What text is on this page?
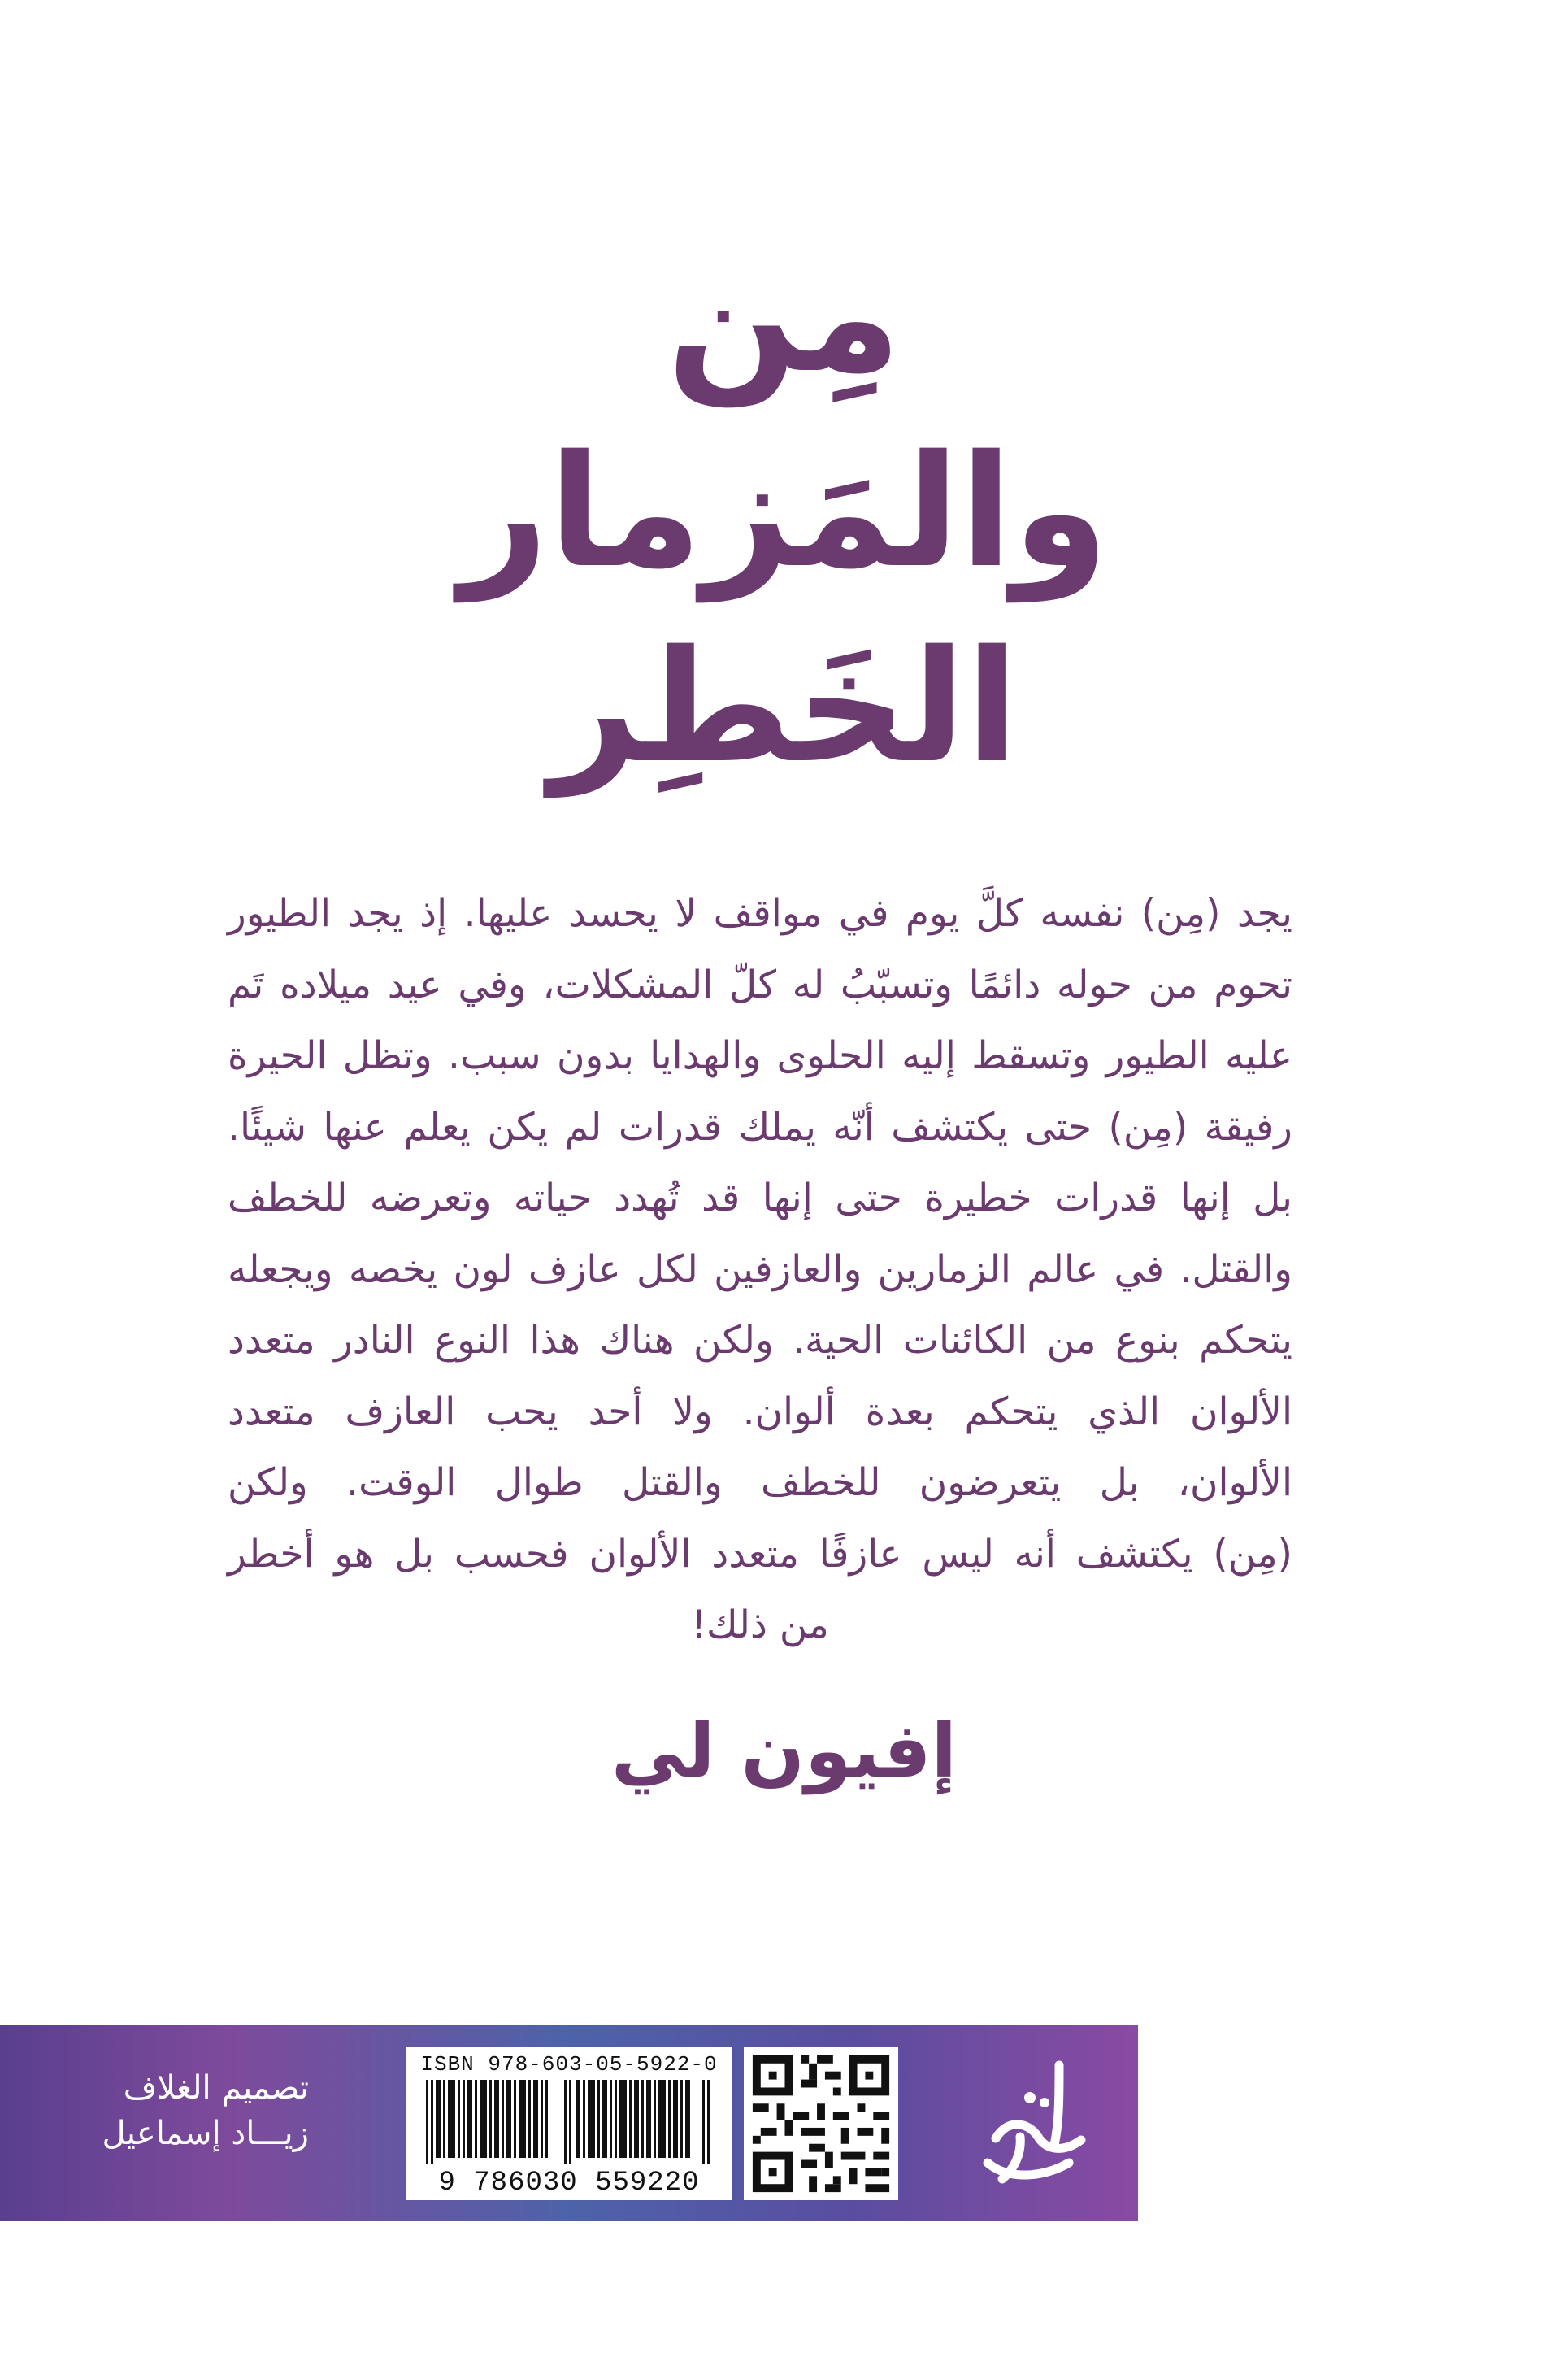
مِن
والمَزمار
الخَطِر
يجد (مِن) نفسه كلَّ يوم في مواقف لا يحسد عليها. إذ يجد الطيور
تحوم من حوله دائمًا وتسبّبُ له كلّ المشكلات، وفي عيد ميلاده تَم
عليه الطيور وتسقط إليه الحلوى والهدايا بدون سبب. وتظل الحيرة
رفيقة (مِن) حتى يكتشف أنّه يملك قدرات لم يكن يعلم عنها شيئًا.
بل إنها قدرات خطيرة حتى إنها قد تُهدد حياته وتعرضه للخطف
والقتل. في عالم الزمارين والعازفين لكل عازف لون يخصه ويجعله
يتحكم بنوع من الكائنات الحية. ولكن هناك هذا النوع النادر متعدد
الألوان الذي يتحكم بعدة ألوان. ولا أحد يحب العازف متعدد
الألوان، بل يتعرضون للخطف والقتل طوال الوقت. ولكن
(مِن) يكتشف أنه ليس عازفًا متعدد الألوان فحسب بل هو أخطر
من ذلك!
إفيون لي
تصميم الغلاف
زيـــاد إسماعيل
ISBN 978-603-05-5922-0
9 786030 559220
